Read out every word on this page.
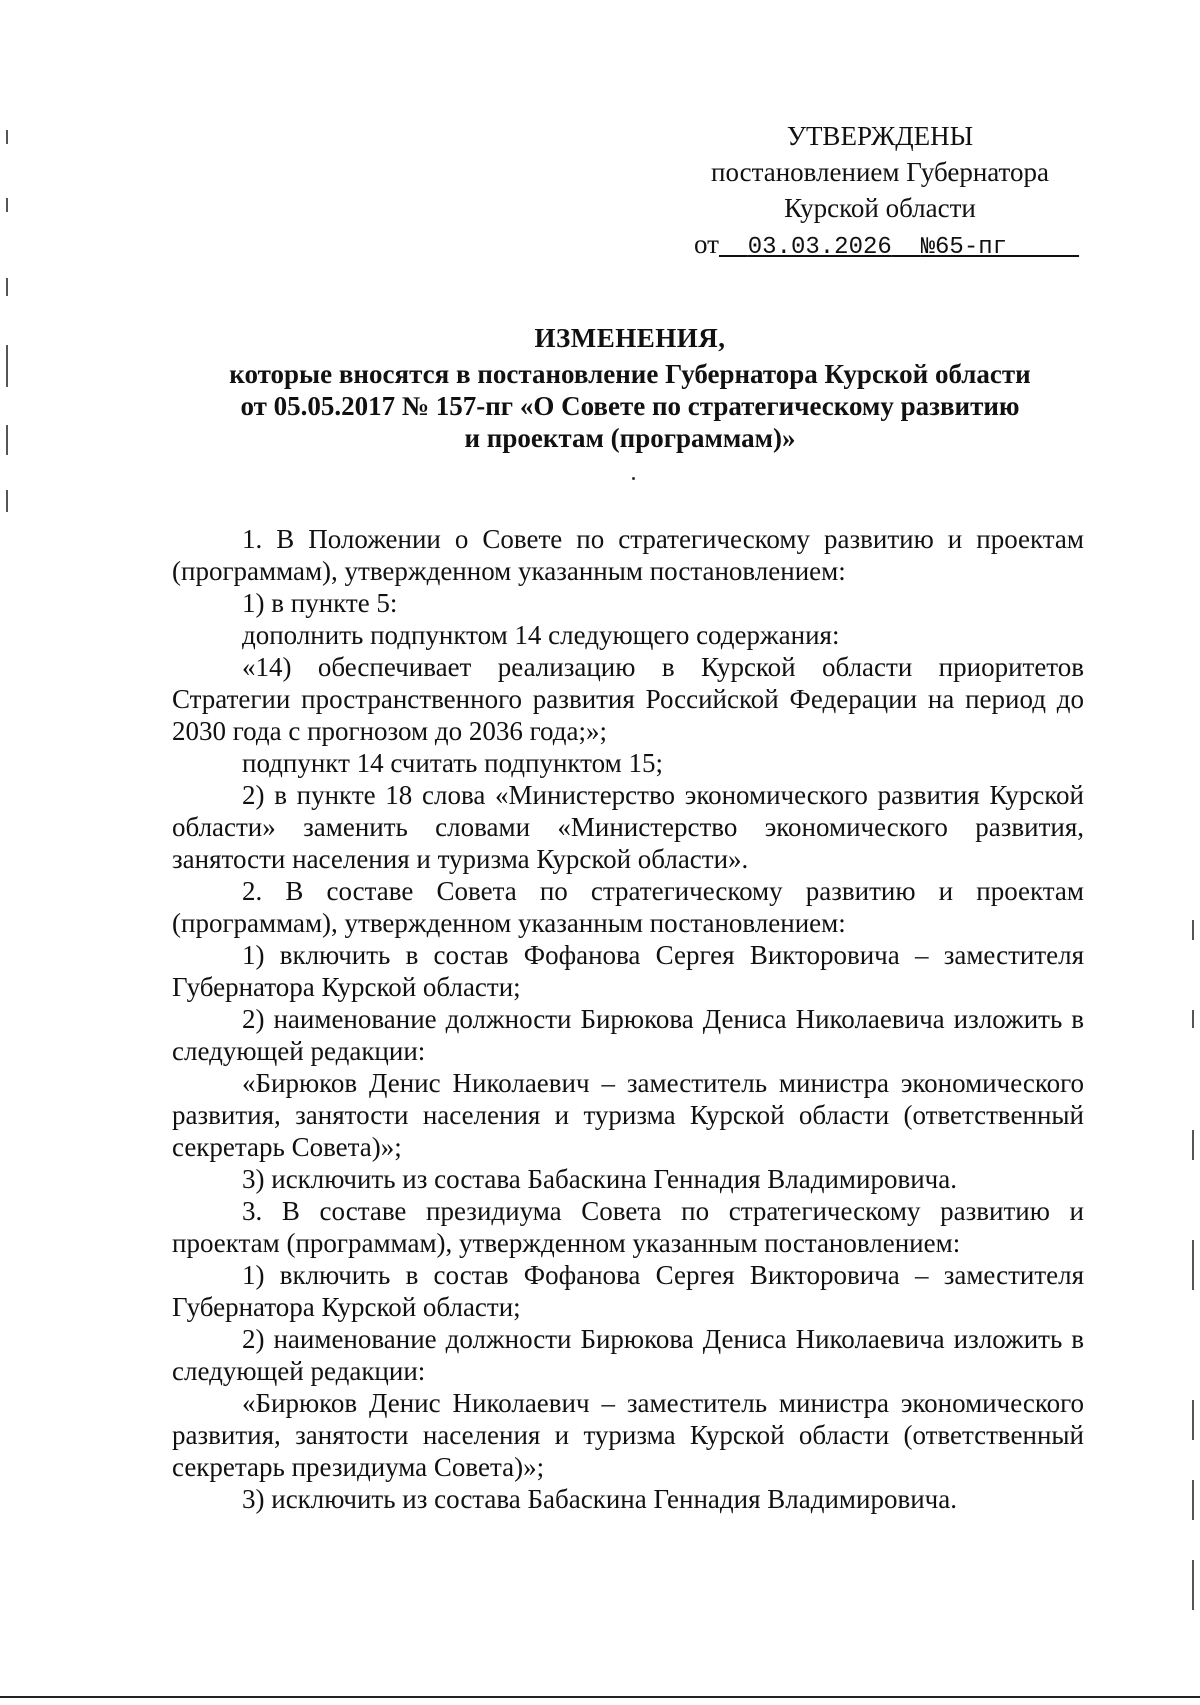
УТВЕРЖДЕНЫ
постановлением Губернатора
Курской области
от 03.03.2026 №65-пг
ИЗМЕНЕНИЯ,
которые вносятся в постановление Губернатора Курской области
от 05.05.2017 № 157-пг «О Совете по стратегическому развитию
и проектам (программам)»

1. В Положении о Совете по стратегическому развитию и проектам (программам), утвержденном указанным постановлением:

1) в пункте 5:

дополнить подпунктом 14 следующего содержания:

«14) обеспечивает реализацию в Курской области приоритетов Стратегии пространственного развития Российской Федерации на период до 2030 года с прогнозом до 2036 года;»;

подпункт 14 считать подпунктом 15;

2) в пункте 18 слова «Министерство экономического развития Курской области» заменить словами «Министерство экономического развития, занятости населения и туризма Курской области».

2. В составе Совета по стратегическому развитию и проектам (программам), утвержденном указанным постановлением:

1) включить в состав Фофанова Сергея Викторовича – заместителя Губернатора Курской области;

2) наименование должности Бирюкова Дениса Николаевича изложить в следующей редакции:

«Бирюков Денис Николаевич – заместитель министра экономического развития, занятости населения и туризма Курской области (ответственный секретарь Совета)»;

3) исключить из состава Бабаскина Геннадия Владимировича.

3. В составе президиума Совета по стратегическому развитию и проектам (программам), утвержденном указанным постановлением:

1) включить в состав Фофанова Сергея Викторовича – заместителя Губернатора Курской области;

2) наименование должности Бирюкова Дениса Николаевича изложить в следующей редакции:

«Бирюков Денис Николаевич – заместитель министра экономического развития, занятости населения и туризма Курской области (ответственный секретарь президиума Совета)»;

3) исключить из состава Бабаскина Геннадия Владимировича.
